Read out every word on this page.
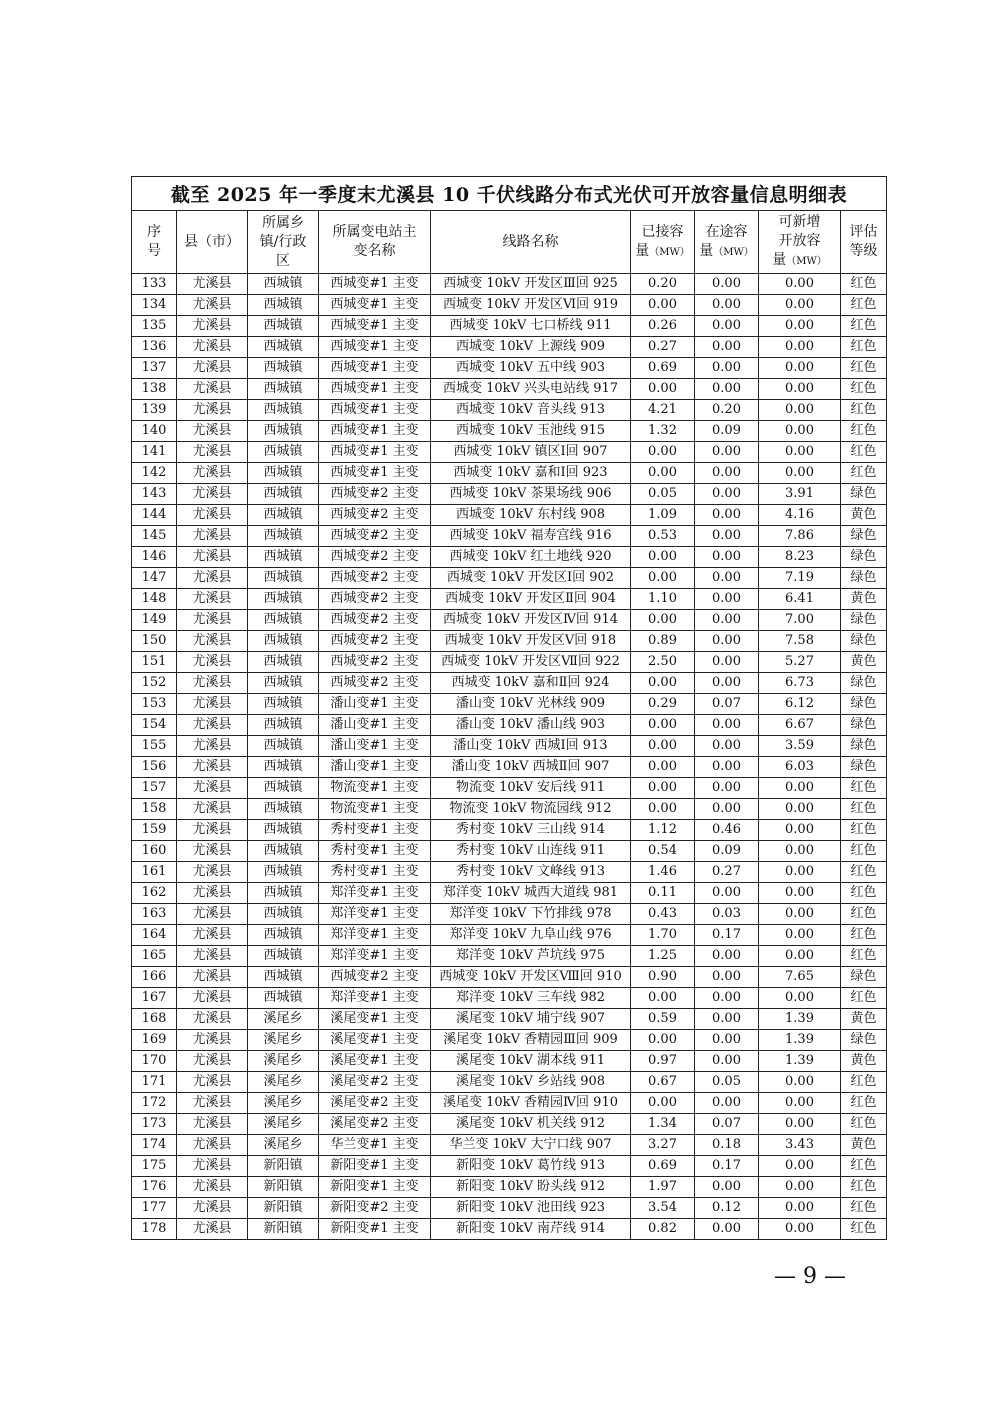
截至 2025 年一季度末尤溪县 10 千伏线路分布式光伏可开放容量信息明细表								
序
号	县（市）	所属乡
镇/行政
区	所属变电站主
变名称	线路名称	已接容
量（MW）	在途容
量（MW）	可新增
开放容
量（MW）	评估
等级
133	尤溪县	西城镇	西城变#1 主变	西城变 10kV 开发区Ⅲ回 925	0.20	0.00	0.00	红色
134	尤溪县	西城镇	西城变#1 主变	西城变 10kV 开发区Ⅵ回 919	0.00	0.00	0.00	红色
135	尤溪县	西城镇	西城变#1 主变	西城变 10kV 七口桥线 911	0.26	0.00	0.00	红色
136	尤溪县	西城镇	西城变#1 主变	西城变 10kV 上源线 909	0.27	0.00	0.00	红色
137	尤溪县	西城镇	西城变#1 主变	西城变 10kV 五中线 903	0.69	0.00	0.00	红色
138	尤溪县	西城镇	西城变#1 主变	西城变 10kV 兴头电站线 917	0.00	0.00	0.00	红色
139	尤溪县	西城镇	西城变#1 主变	西城变 10kV 音头线 913	4.21	0.20	0.00	红色
140	尤溪县	西城镇	西城变#1 主变	西城变 10kV 玉池线 915	1.32	0.09	0.00	红色
141	尤溪县	西城镇	西城变#1 主变	西城变 10kV 镇区Ⅰ回 907	0.00	0.00	0.00	红色
142	尤溪县	西城镇	西城变#1 主变	西城变 10kV 嘉和Ⅰ回 923	0.00	0.00	0.00	红色
143	尤溪县	西城镇	西城变#2 主变	西城变 10kV 茶果场线 906	0.05	0.00	3.91	绿色
144	尤溪县	西城镇	西城变#2 主变	西城变 10kV 东村线 908	1.09	0.00	4.16	黄色
145	尤溪县	西城镇	西城变#2 主变	西城变 10kV 福寿宫线 916	0.53	0.00	7.86	绿色
146	尤溪县	西城镇	西城变#2 主变	西城变 10kV 红土地线 920	0.00	0.00	8.23	绿色
147	尤溪县	西城镇	西城变#2 主变	西城变 10kV 开发区Ⅰ回 902	0.00	0.00	7.19	绿色
148	尤溪县	西城镇	西城变#2 主变	西城变 10kV 开发区Ⅱ回 904	1.10	0.00	6.41	黄色
149	尤溪县	西城镇	西城变#2 主变	西城变 10kV 开发区Ⅳ回 914	0.00	0.00	7.00	绿色
150	尤溪县	西城镇	西城变#2 主变	西城变 10kV 开发区Ⅴ回 918	0.89	0.00	7.58	绿色
151	尤溪县	西城镇	西城变#2 主变	西城变 10kV 开发区Ⅶ回 922	2.50	0.00	5.27	黄色
152	尤溪县	西城镇	西城变#2 主变	西城变 10kV 嘉和Ⅱ回 924	0.00	0.00	6.73	绿色
153	尤溪县	西城镇	潘山变#1 主变	潘山变 10kV 光林线 909	0.29	0.07	6.12	绿色
154	尤溪县	西城镇	潘山变#1 主变	潘山变 10kV 潘山线 903	0.00	0.00	6.67	绿色
155	尤溪县	西城镇	潘山变#1 主变	潘山变 10kV 西城Ⅰ回 913	0.00	0.00	3.59	绿色
156	尤溪县	西城镇	潘山变#1 主变	潘山变 10kV 西城Ⅱ回 907	0.00	0.00	6.03	绿色
157	尤溪县	西城镇	物流变#1 主变	物流变 10kV 安后线 911	0.00	0.00	0.00	红色
158	尤溪县	西城镇	物流变#1 主变	物流变 10kV 物流园线 912	0.00	0.00	0.00	红色
159	尤溪县	西城镇	秀村变#1 主变	秀村变 10kV 三山线 914	1.12	0.46	0.00	红色
160	尤溪县	西城镇	秀村变#1 主变	秀村变 10kV 山连线 911	0.54	0.09	0.00	红色
161	尤溪县	西城镇	秀村变#1 主变	秀村变 10kV 文峰线 913	1.46	0.27	0.00	红色
162	尤溪县	西城镇	郑洋变#1 主变	郑洋变 10kV 城西大道线 981	0.11	0.00	0.00	红色
163	尤溪县	西城镇	郑洋变#1 主变	郑洋变 10kV 下竹排线 978	0.43	0.03	0.00	红色
164	尤溪县	西城镇	郑洋变#1 主变	郑洋变 10kV 九阜山线 976	1.70	0.17	0.00	红色
165	尤溪县	西城镇	郑洋变#1 主变	郑洋变 10kV 芦坑线 975	1.25	0.00	0.00	红色
166	尤溪县	西城镇	西城变#2 主变	西城变 10kV 开发区Ⅷ回 910	0.90	0.00	7.65	绿色
167	尤溪县	西城镇	郑洋变#1 主变	郑洋变 10kV 三车线 982	0.00	0.00	0.00	红色
168	尤溪县	溪尾乡	溪尾变#1 主变	溪尾变 10kV 埔宁线 907	0.59	0.00	1.39	黄色
169	尤溪县	溪尾乡	溪尾变#1 主变	溪尾变 10kV 香精园Ⅲ回 909	0.00	0.00	1.39	绿色
170	尤溪县	溪尾乡	溪尾变#1 主变	溪尾变 10kV 湖本线 911	0.97	0.00	1.39	黄色
171	尤溪县	溪尾乡	溪尾变#2 主变	溪尾变 10kV 乡站线 908	0.67	0.05	0.00	红色
172	尤溪县	溪尾乡	溪尾变#2 主变	溪尾变 10kV 香精园Ⅳ回 910	0.00	0.00	0.00	红色
173	尤溪县	溪尾乡	溪尾变#2 主变	溪尾变 10kV 机关线 912	1.34	0.07	0.00	红色
174	尤溪县	溪尾乡	华兰变#1 主变	华兰变 10kV 大宁口线 907	3.27	0.18	3.43	黄色
175	尤溪县	新阳镇	新阳变#1 主变	新阳变 10kV 葛竹线 913	0.69	0.17	0.00	红色
176	尤溪县	新阳镇	新阳变#1 主变	新阳变 10kV 盼头线 912	1.97	0.00	0.00	红色
177	尤溪县	新阳镇	新阳变#2 主变	新阳变 10kV 池田线 923	3.54	0.12	0.00	红色
178	尤溪县	新阳镇	新阳变#1 主变	新阳变 10kV 南芹线 914	0.82	0.00	0.00	红色
— 9 —
